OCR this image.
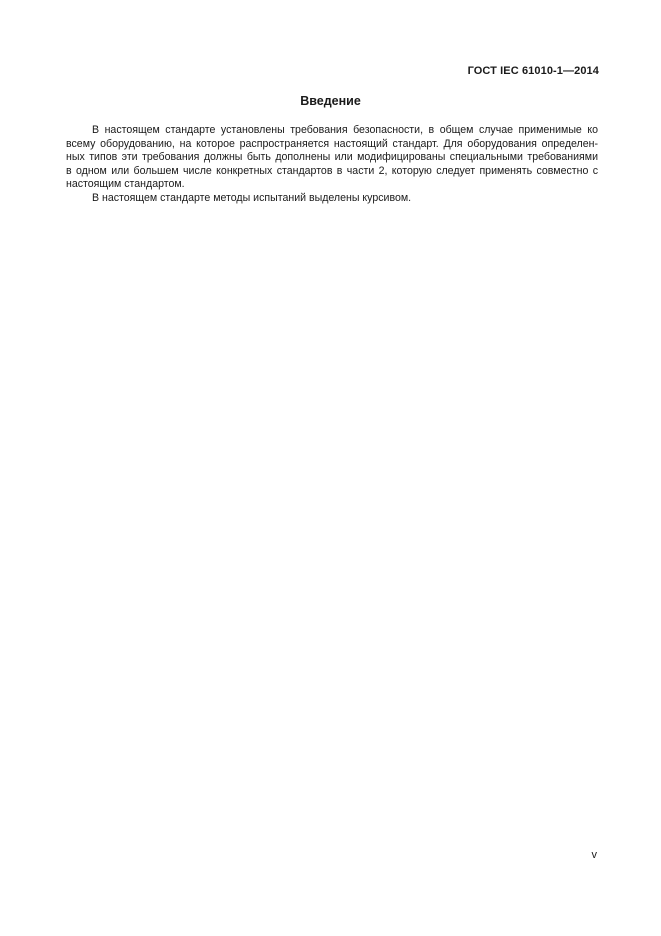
ГОСТ IEC 61010-1—2014
Введение
В настоящем стандарте установлены требования безопасности, в общем случае применимые ко
всему оборудованию, на которое распространяется настоящий стандарт. Для оборудования определен-
ных типов эти требования должны быть дополнены или модифицированы специальными требованиями
в одном или большем числе конкретных стандартов в части 2, которую следует применять совместно с
настоящим стандартом.
В настоящем стандарте методы испытаний выделены курсивом.
v
